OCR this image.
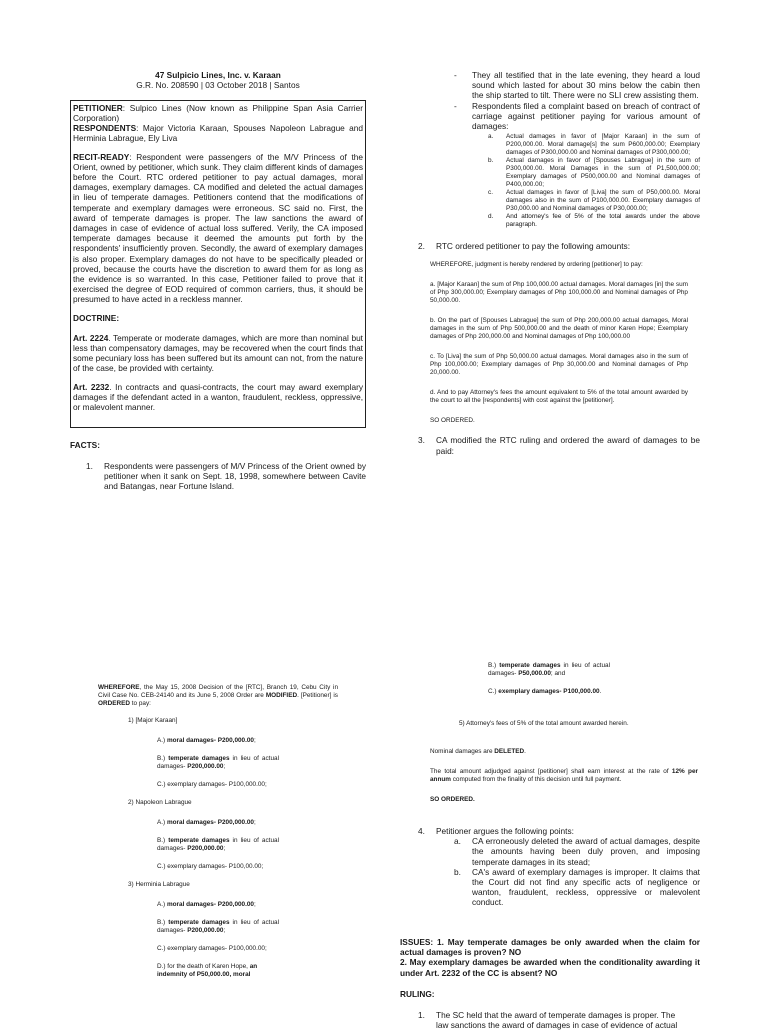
47 Sulpicio Lines, Inc. v. Karaan
G.R. No. 208590 | 03 October 2018 | Santos

PETITIONER: Sulpico Lines (Now known as Philippine Span Asia Carrier Corporation)

RESPONDENTS: Major Victoria Karaan, Spouses Napoleon Labrague and Herminia Labrague, Ely Liva

RECIT-READY: Respondent were passengers of the M/V Princess of the Orient, owned by petitioner, which sunk. They claim different kinds of damages before the Court. RTC ordered petitioner to pay actual damages, moral damages, exemplary damages. CA modified and deleted the actual damages in lieu of temperate damages. Petitioners contend that the modifications of temperate and exemplary damages were erroneous. SC said no. First, the award of temperate damages is proper. The law sanctions the award of damages in case of evidence of actual loss suffered. Verily, the CA imposed temperate damages because it deemed the amounts put forth by the respondents' insufficiently proven. Secondly, the award of exemplary damages is also proper. Exemplary damages do not have to be specifically pleaded or proved, because the courts have the discretion to award them for as long as the evidence is so warranted. In this case, Petitioner failed to prove that it exercised the degree of EOD required of common carriers, thus, it should be presumed to have acted in a reckless manner.

DOCTRINE:

Art. 2224. Temperate or moderate damages, which are more than nominal but less than compensatory damages, may be recovered when the court finds that some pecuniary loss has been suffered but its amount can not, from the nature of the case, be provided with certainty.

Art. 2232. In contracts and quasi-contracts, the court may award exemplary damages if the defendant acted in a wanton, fraudulent, reckless, oppressive, or malevolent manner.

FACTS:
1.	Respondents were passengers of M/V Princess of the Orient owned by petitioner when it sank on Sept. 18, 1998, somewhere between Cavite and Batangas, near Fortune Island.

WHEREFORE, the May 15, 2008 Decision of the [RTC], Branch 19, Cebu City in Civil Case No. CEB-24140 and its June 5, 2008 Order are MODIFIED. [Petitioner] is ORDERED to pay:

1) [Major Karaan]

A.) moral damages- P200,000.00;

B.) temperate damages in lieu of actual damages- P200,000.00;

C.) exemplary damages- P100,000.00;

2) Napoleon Labrague

A.) moral damages- P200,000.00;

B.) temperate damages in lieu of actual damages- P200,000.00;

C.) exemplary damages- P100,00.00;

3) Herminia Labrague

A.) moral damages- P200,000.00;

B.) temperate damages in lieu of actual damages- P200,000.00;

C.) exemplary damages- P100,000.00;

D.) for the death of Karen Hope, an

indemnity of P50,000.00, moral

-	They all testified that in the late evening, they heard a loud sound which lasted for about 30 mins below the cabin then the ship started to tilt. There were no SLI crew assisting them.
-	Respondents filed a complaint based on breach of contract of carriage against petitioner paying for various amount of damages:
a.	Actual damages in favor of [Major Karaan] in the sum of P200,000.00. Moral damage[s] the sum P600,000.00; Exemplary damages of P300,000.00 and Nominal damages of P300,000.00;
b.	Actual damages in favor of [Spouses Labrague] in the sum of P300,000.00. Moral Damages in the sum of P1,500,000.00; Exemplary damages of P500,000.00 and Nominal damages of P400,000.00;
c.	Actual damages in favor of [Liva] the sum of P50,000.00. Moral damages also in the sum of P100,000.00. Exemplary damages of P30,000.00 and Nominal damages of P30,000.00;
d.	And attorney's fee of 5% of the total awards under the above paragraph.
2.	RTC ordered petitioner to pay the following amounts:

WHEREFORE, judgment is hereby rendered by ordering [petitioner] to pay:

a. [Major Karaan] the sum of Php 100,000.00 actual damages. Moral damages [in] the sum of Php 300,000.00; Exemplary damages of Php 100,000.00 and Nominal damages of Php 50,000.00.

b. On the part of [Spouses Labrague] the sum of Php 200,000.00 actual damages, Moral damages in the sum of Php 500,000.00 and the death of minor Karen Hope; Exemplary damages of Php 200,000.00 and Nominal damages of Php 100,000.00

c. To [Liva] the sum of Php 50,000.00 actual damages. Moral damages also in the sum of Php 100,000.00; Exemplary damages of Php 30,000.00 and Nominal damages of Php 20,000.00.

d. And to pay Attorney's fees the amount equivalent to 5% of the total amount awarded by the court to all the [respondents] with cost against the [petitioner].

SO ORDERED.

3.	CA modified the RTC ruling and ordered the award of damages to be paid:

B.) temperate damages in lieu of actual damages- P50,000.00; and

C.) exemplary damages- P100,000.00.

5) Attorney's fees of 5% of the total amount awarded herein.

Nominal damages are DELETED.

The total amount adjudged against [petitioner] shall earn interest at the rate of 12% per annum computed from the finality of this decision until full payment.

SO ORDERED.

4.	Petitioner argues the following points:
a.	CA erroneously deleted the award of actual damages, despite the amounts having been duly proven, and imposing temperate damages in its stead;
b.	CA's award of exemplary damages is improper. It claims that the Court did not find any specific acts of negligence or wanton, fraudulent, reckless, oppressive or malevolent conduct.

ISSUES: 1. May temperate damages be only awarded when the claim for actual damages is proven? NO

2. May exemplary damages be awarded when the conditionality awarding it under Art. 2232 of the CC is absent? NO

RULING:
1.	The SC held that the award of temperate damages is proper. The
law sanctions the award of damages in case of evidence of actual
